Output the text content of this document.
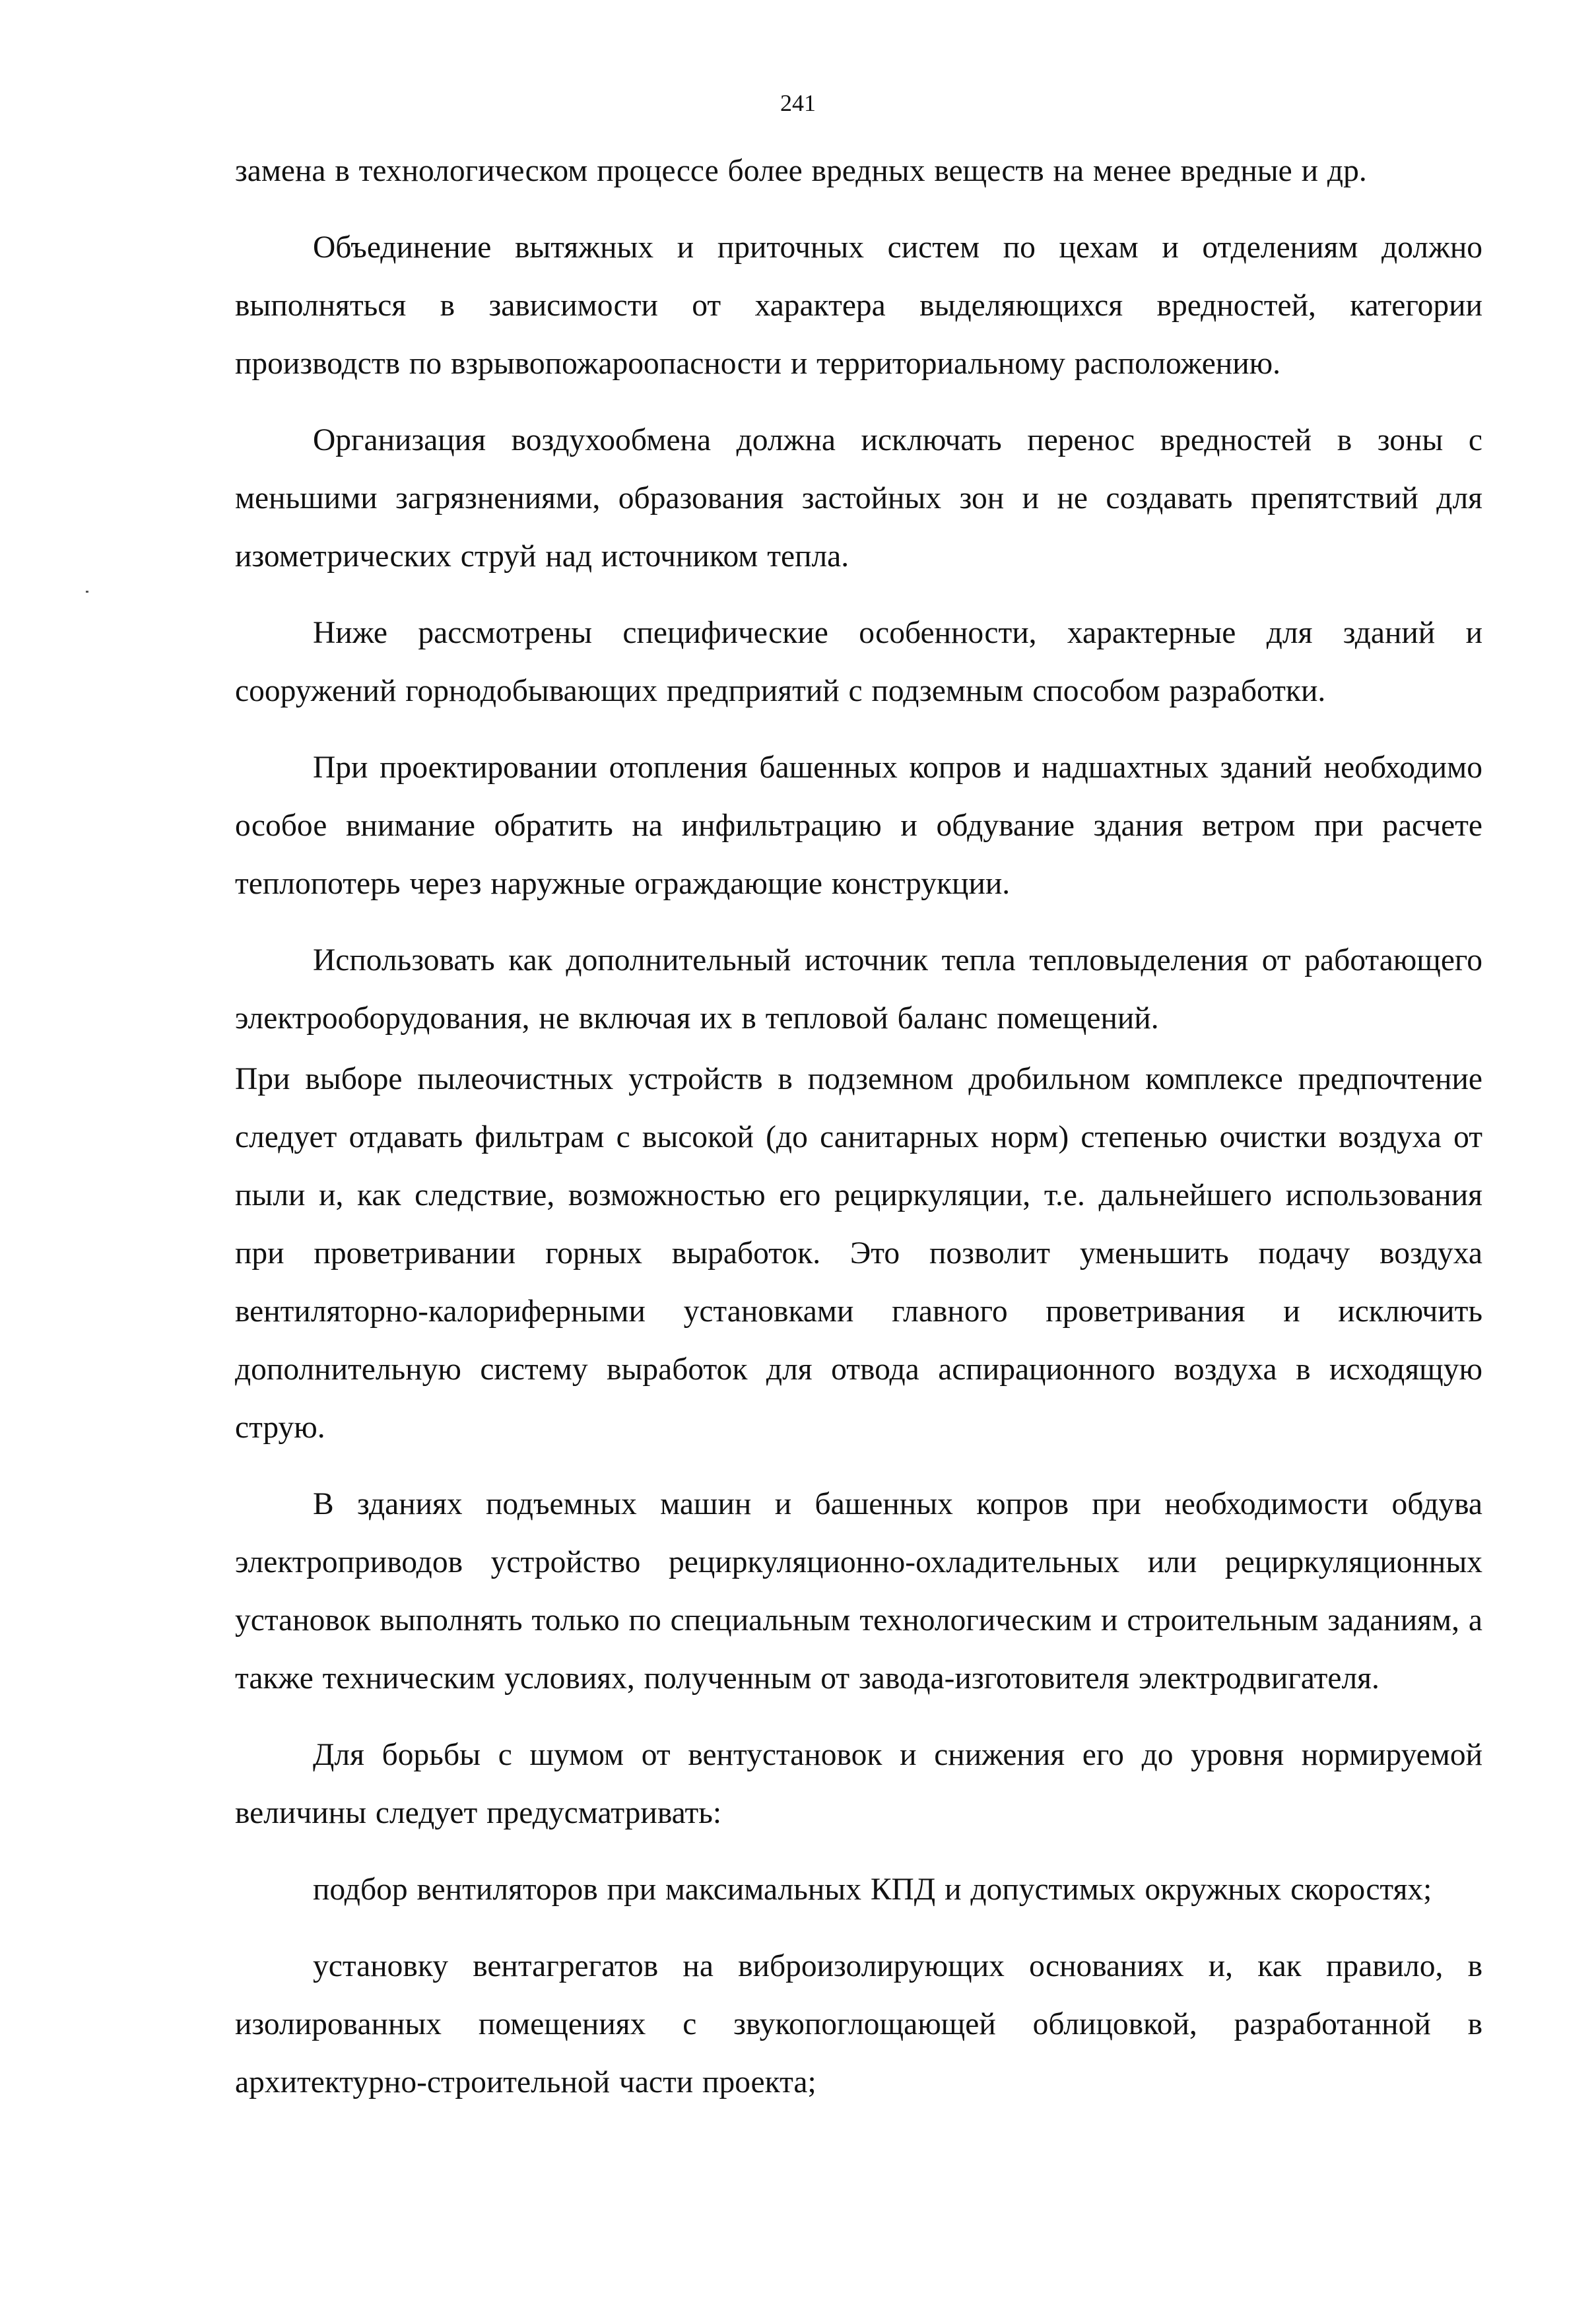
241

замена в технологическом процессе более вредных веществ на менее вредные и др.

Объединение вытяжных и приточных систем по цехам и отделениям должно выполняться в зависимости от характера выделяющихся вредностей, категории производств по взрывопожароопасности и территориальному расположению.

Организация воздухообмена должна исключать перенос вредностей в зоны с меньшими загрязнениями, образования застойных зон и не создавать препятствий для изометрических струй над источником тепла.

Ниже рассмотрены специфические особенности, характерные для зданий и сооружений горнодобывающих предприятий с подземным способом разработки.

При проектировании отопления башенных копров и надшахтных зданий необходимо особое внимание обратить на инфильтрацию и обдувание здания ветром при расчете теплопотерь через наружные ограждающие конструкции.

Использовать как дополнительный источник тепла тепловыделения от работающего электрооборудования, не включая их в тепловой баланс помещений.

При выборе пылеочистных устройств в подземном дробильном комплексе предпочтение следует отдавать фильтрам с высокой (до санитарных норм) степенью очистки воздуха от пыли и, как следствие, возможностью его рециркуляции, т.е. дальнейшего использования при проветривании горных выработок. Это позволит уменьшить подачу воздуха вентиляторно-калориферными установками главного проветривания и исключить дополнительную систему выработок для отвода аспирационного воздуха в исходящую струю.

В зданиях подъемных машин и башенных копров при необходимости обдува электроприводов устройство рециркуляционно-охладительных или рециркуляционных установок выполнять только по специальным технологическим и строительным заданиям, а также техническим условиях, полученным от завода-изготовителя электродвигателя.

Для борьбы с шумом от вентустановок и снижения его до уровня нормируемой величины следует предусматривать:

подбор вентиляторов при максимальных КПД и допустимых окружных скоростях;

установку вентагрегатов на виброизолирующих основаниях и, как правило, в изолированных помещениях с звукопоглощающей облицовкой, разработанной в архитектурно-строительной части проекта;
